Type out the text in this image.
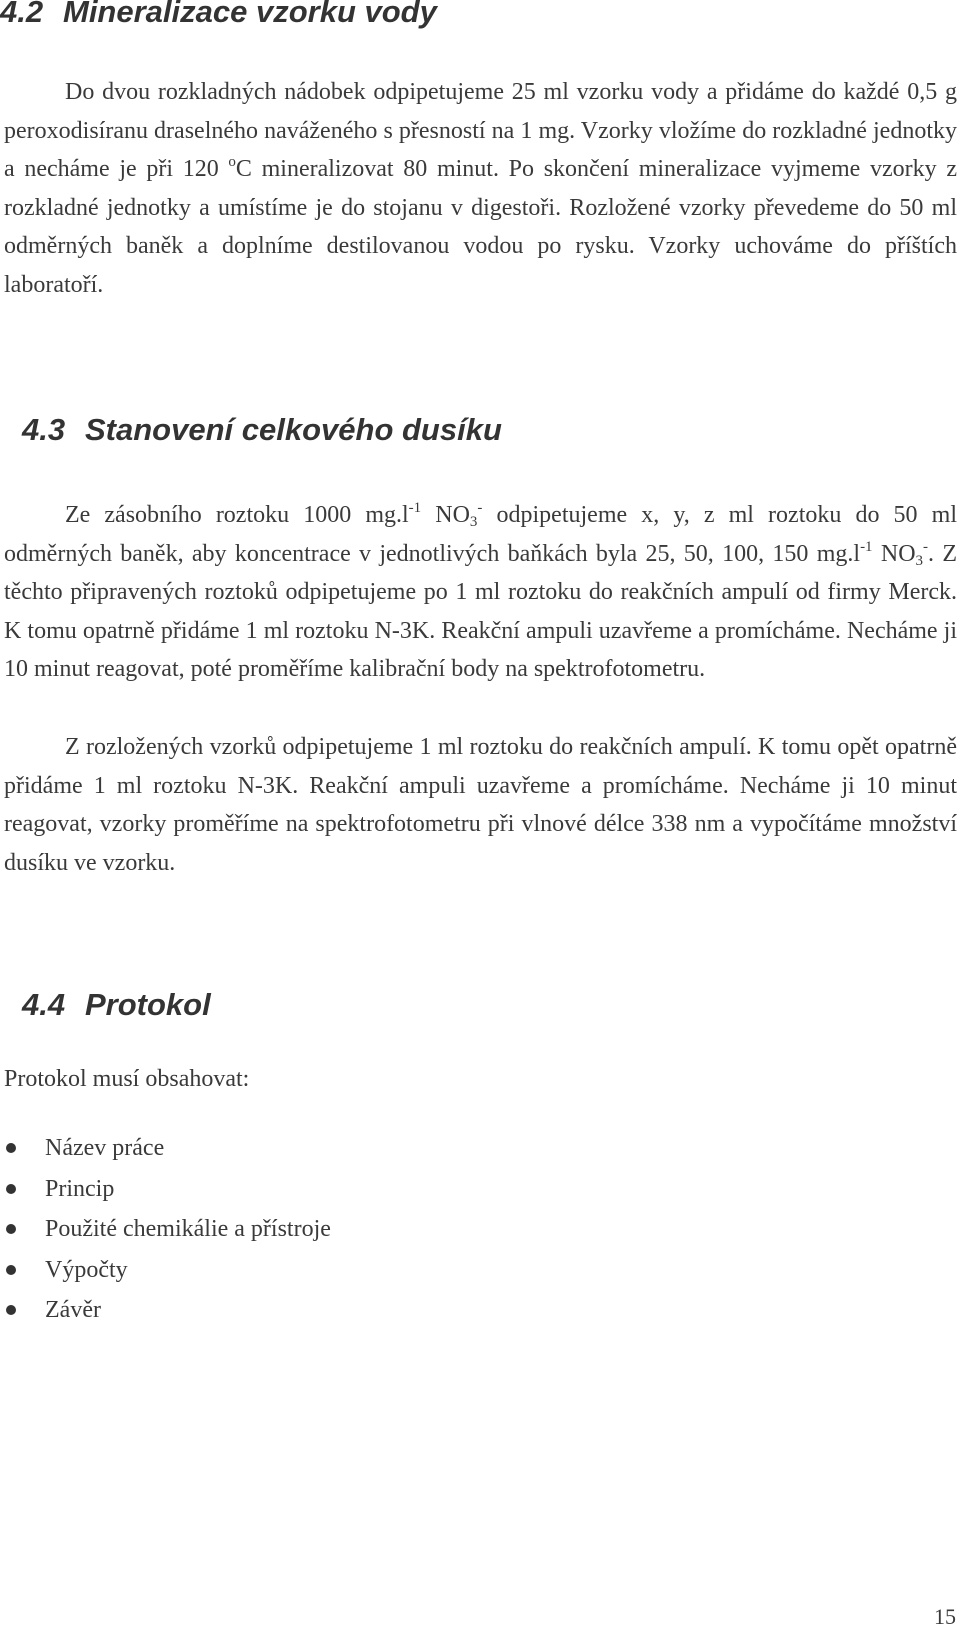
4.2 Mineralizace vzorku vody

Do dvou rozkladných nádobek odpipetujeme 25 ml vzorku vody a přidáme do každé 0,5 g peroxodisíranu draselného naváženého s přesností na 1 mg. Vzorky vložíme do rozkladné jednotky a necháme je při 120 $^o$C mineralizovat 80 minut. Po skončení mineralizace vyjmeme vzorky z rozkladné jednotky a umístíme je do stojanu v digestoři. Rozložené vzorky převedeme do 50 ml odměrných baněk a doplníme destilovanou vodou po rysku. Vzorky uchováme do příštích laboratoří.

4.3 Stanovení celkového dusíku

Ze zásobního roztoku 1000 $mg.l^{-1}$ $NO_3^-$ odpipetujeme x, y, z ml roztoku do 50 ml odměrných baněk, aby koncentrace v jednotlivých baňkách byla 25, 50, 100, 150 $mg.l^{-1}$ $NO_3^-$. Z těchto připravených roztoků odpipetujeme po 1 ml roztoku do reakčních ampulí od firmy Merck. K tomu opatrně přidáme 1 ml roztoku N-3K. Reakční ampuli uzavřeme a promícháme. Necháme ji 10 minut reagovat, poté proměříme kalibrační body na spektrofotometru.

Z rozložených vzorků odpipetujeme 1 ml roztoku do reakčních ampulí. K tomu opět opatrně přidáme 1 ml roztoku N-3K. Reakční ampuli uzavřeme a promícháme. Necháme ji 10 minut reagovat, vzorky proměříme na spektrofotometru při vlnové délce 338 nm a vypočítáme množství dusíku ve vzorku.

4.4 Protokol

Protokol musí obsahovat:

Název práce
Princip
Použité chemikálie a přístroje
Výpočty
Závěr
15
